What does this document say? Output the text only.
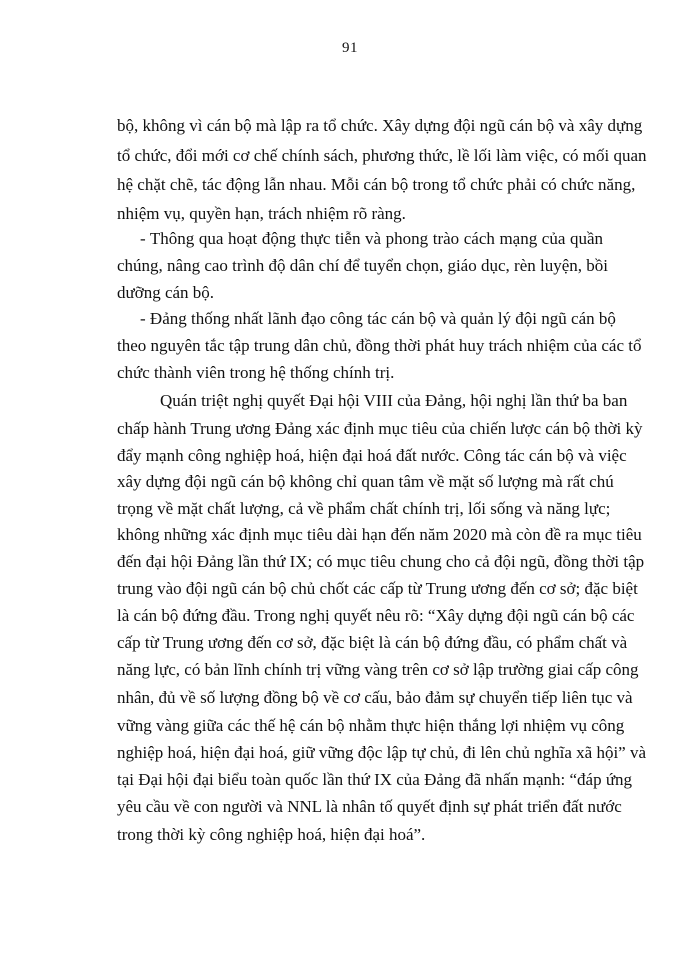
91
bộ, không vì cán bộ mà lập ra tổ chức. Xây dựng đội ngũ cán bộ và xây dựng
tổ chức, đổi mới cơ chế chính sách, phương thức, lề lối làm việc, có mối quan
hệ chặt chẽ, tác động lẫn nhau. Mỗi cán bộ trong tổ chức phải có chức năng,
nhiệm vụ, quyền hạn, trách nhiệm rõ ràng.
- Thông qua hoạt động thực tiễn và phong trào cách mạng của quần
chúng, nâng cao trình độ dân chí để tuyển chọn, giáo dục, rèn luyện, bồi
dưỡng cán bộ.
- Đảng thống nhất lãnh đạo công tác cán bộ và quản lý đội ngũ cán bộ
theo nguyên tắc tập trung dân chủ, đồng thời phát huy trách nhiệm của các tổ
chức thành viên trong hệ thống chính trị.
Quán triệt nghị quyết Đại hội VIII của Đảng, hội nghị lần thứ ba ban
chấp hành Trung ương Đảng xác định mục tiêu của chiến lược cán bộ thời kỳ
đẩy mạnh công nghiệp hoá, hiện đại hoá đất nước. Công tác cán bộ và việc
xây dựng đội ngũ cán bộ không chỉ quan tâm về mặt số lượng mà rất chú
trọng về mặt chất lượng, cả về phẩm chất chính trị, lối sống và năng lực;
không những xác định mục tiêu dài hạn đến năm 2020 mà còn đề ra mục tiêu
đến đại hội Đảng lần thứ IX; có mục tiêu chung cho cả đội ngũ, đồng thời tập
trung vào đội ngũ cán bộ chủ chốt các cấp từ Trung ương đến cơ sở; đặc biệt
là cán bộ đứng đầu. Trong nghị quyết nêu rõ: “Xây dựng đội ngũ cán bộ các
cấp từ Trung ương đến cơ sở, đặc biệt là cán bộ đứng đầu, có phẩm chất và
năng lực, có bản lĩnh chính trị vững vàng trên cơ sở lập trường giai cấp công
nhân, đủ về số lượng đồng bộ về cơ cấu, bảo đảm sự chuyển tiếp liên tục và
vững vàng giữa các thế hệ cán bộ nhằm thực hiện thắng lợi nhiệm vụ công
nghiệp hoá, hiện đại hoá, giữ vững độc lập tự chủ, đi lên chủ nghĩa xã hội” và
tại Đại hội đại biểu toàn quốc lần thứ IX của Đảng đã nhấn mạnh: “đáp ứng
yêu cầu về con người và NNL là nhân tố quyết định sự phát triển đất nước
trong thời kỳ công nghiệp hoá, hiện đại hoá”.
